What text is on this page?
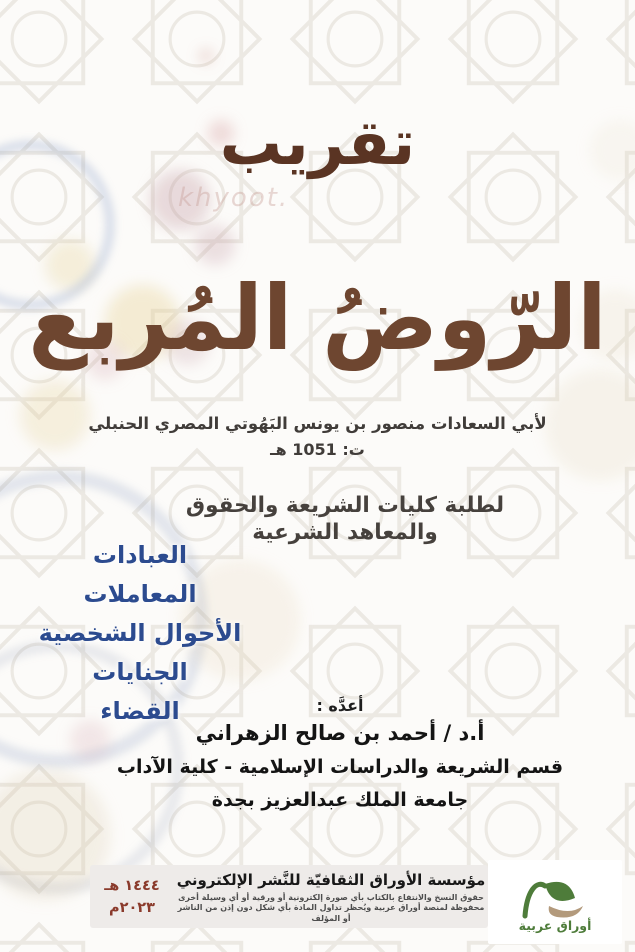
تقريب
khyoot.
الرّوضُ المُربع
لأبي السعادات منصور بن يونس البَهُوتي المصري الحنبلي
ت: 1051 هـ
لطلبة كليات الشريعة والحقوق
والمعاهد الشرعية
العبادات
المعاملات
الأحوال الشخصية
الجنايات
القضاء	أعدَّه :
أ.د / أحمد بن صالح الزهراني
قسم الشريعة والدراسات الإسلامية - كلية الآداب
جامعة الملك عبدالعزيز بجدة
مؤسسة الأوراق الثقافيّة للنَّشر الإلكتروني
حقوق النسخ والانتفاع بالكتاب بأي صورة إلكترونية أو ورقية أو أي وسيلة أخرى
محفوظة لمنصة أوراق عربية ويُحظر تداول المادة بأي شكل دون إذن من الناشر أو المؤلف
١٤٤٤ هـ
٢٠٢٣م
أوراق عربية
